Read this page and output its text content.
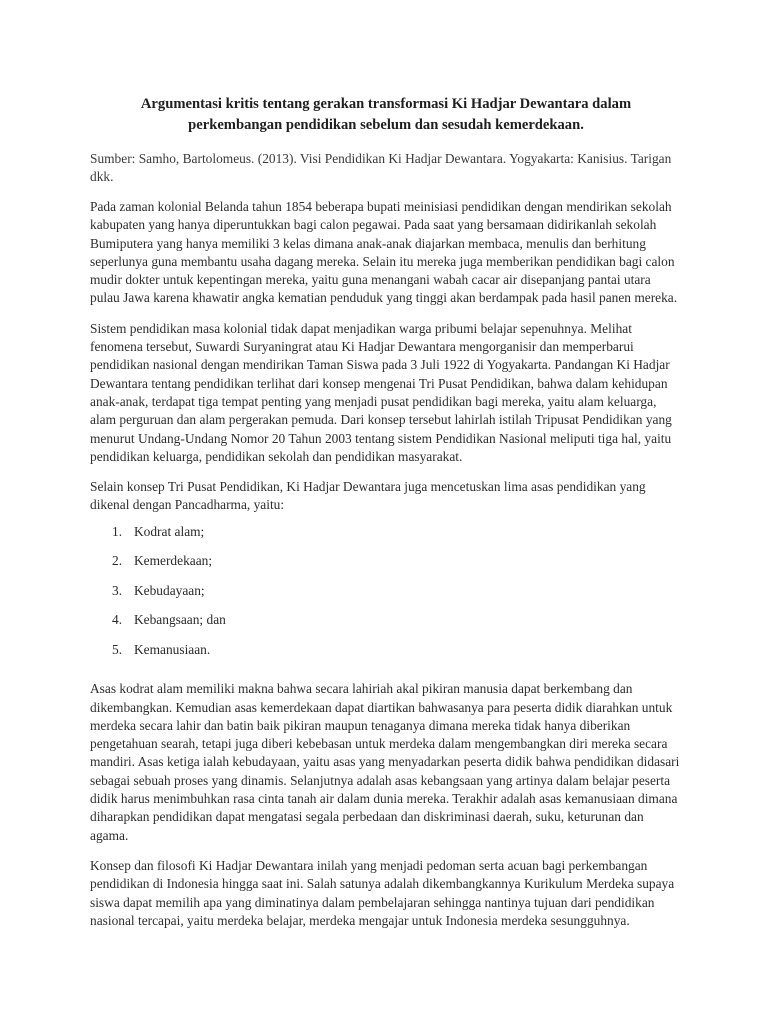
Argumentasi kritis tentang gerakan transformasi Ki Hadjar Dewantara dalam
perkembangan pendidikan sebelum dan sesudah kemerdekaan.

Sumber: Samho, Bartolomeus. (2013). Visi Pendidikan Ki Hadjar Dewantara. Yogyakarta: Kanisius. Tarigan dkk.

Pada zaman kolonial Belanda tahun 1854 beberapa bupati meinisiasi pendidikan dengan mendirikan sekolah kabupaten yang hanya diperuntukkan bagi calon pegawai. Pada saat yang bersamaan didirikanlah sekolah Bumiputera yang hanya memiliki 3 kelas dimana anak-anak diajarkan membaca, menulis dan berhitung seperlunya guna membantu usaha dagang mereka. Selain itu mereka juga memberikan pendidikan bagi calon mudir dokter untuk kepentingan mereka, yaitu guna menangani wabah cacar air disepanjang pantai utara pulau Jawa karena khawatir angka kematian penduduk yang tinggi akan berdampak pada hasil panen mereka.

Sistem pendidikan masa kolonial tidak dapat menjadikan warga pribumi belajar sepenuhnya. Melihat fenomena tersebut, Suwardi Suryaningrat atau Ki Hadjar Dewantara mengorganisir dan memperbarui pendidikan nasional dengan mendirikan Taman Siswa pada 3 Juli 1922 di Yogyakarta. Pandangan Ki Hadjar Dewantara tentang pendidikan terlihat dari konsep mengenai Tri Pusat Pendidikan, bahwa dalam kehidupan anak-anak, terdapat tiga tempat penting yang menjadi pusat pendidikan bagi mereka, yaitu alam keluarga, alam perguruan dan alam pergerakan pemuda. Dari konsep tersebut lahirlah istilah Tripusat Pendidikan yang menurut Undang-Undang Nomor 20 Tahun 2003 tentang sistem Pendidikan Nasional meliputi tiga hal, yaitu pendidikan keluarga, pendidikan sekolah dan pendidikan masyarakat.

Selain konsep Tri Pusat Pendidikan, Ki Hadjar Dewantara juga mencetuskan lima asas pendidikan yang dikenal dengan Pancadharma, yaitu:

1. Kodrat alam;
2. Kemerdekaan;
3. Kebudayaan;
4. Kebangsaan; dan
5. Kemanusiaan.

Asas kodrat alam memiliki makna bahwa secara lahiriah akal pikiran manusia dapat berkembang dan dikembangkan. Kemudian asas kemerdekaan dapat diartikan bahwasanya para peserta didik diarahkan untuk merdeka secara lahir dan batin baik pikiran maupun tenaganya dimana mereka tidak hanya diberikan pengetahuan searah, tetapi juga diberi kebebasan untuk merdeka dalam mengembangkan diri mereka secara mandiri. Asas ketiga ialah kebudayaan, yaitu asas yang menyadarkan peserta didik bahwa pendidikan didasari sebagai sebuah proses yang dinamis. Selanjutnya adalah asas kebangsaan yang artinya dalam belajar peserta didik harus menimbuhkan rasa cinta tanah air dalam dunia mereka. Terakhir adalah asas kemanusiaan dimana diharapkan pendidikan dapat mengatasi segala perbedaan dan diskriminasi daerah, suku, keturunan dan agama.

Konsep dan filosofi Ki Hadjar Dewantara inilah yang menjadi pedoman serta acuan bagi perkembangan pendidikan di Indonesia hingga saat ini. Salah satunya adalah dikembangkannya Kurikulum Merdeka supaya siswa dapat memilih apa yang diminatinya dalam pembelajaran sehingga nantinya tujuan dari pendidikan nasional tercapai, yaitu merdeka belajar, merdeka mengajar untuk Indonesia merdeka sesungguhnya.
